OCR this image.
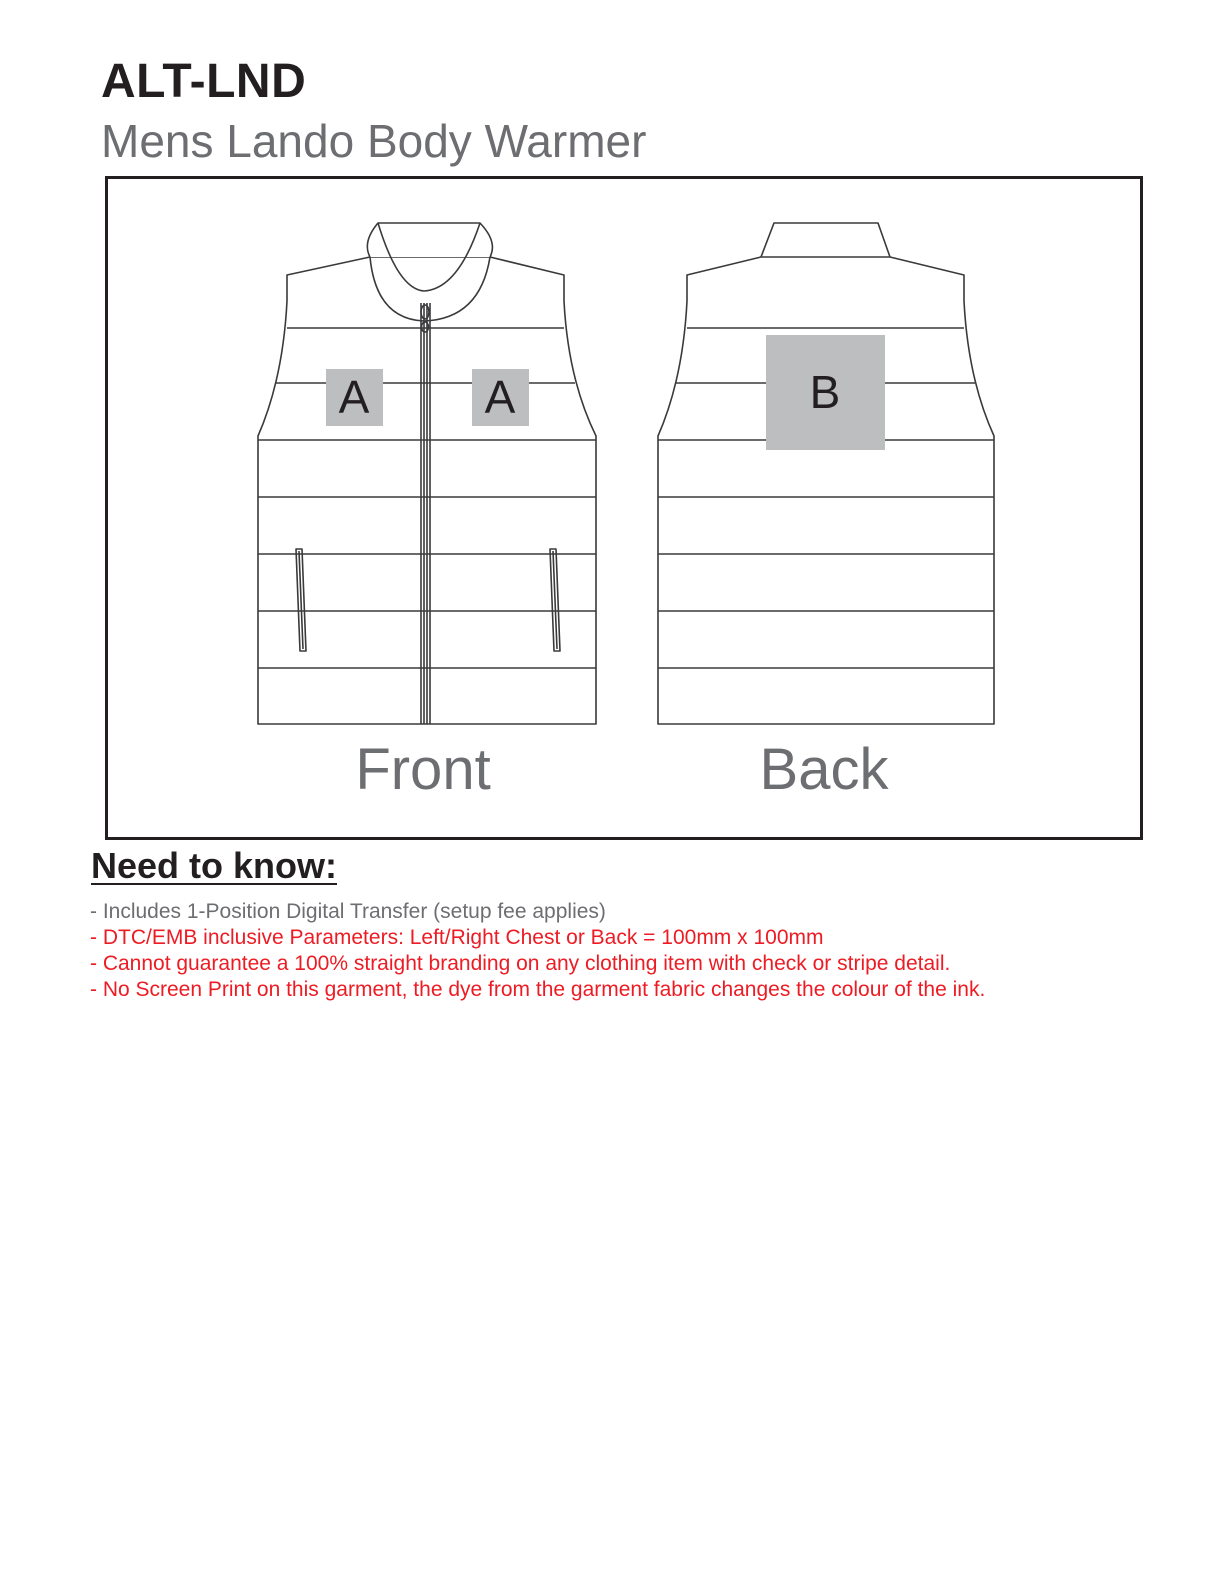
ALT-LND
Mens Lando Body Warmer
A	A	B
Front	Back
Need to know:
- Includes 1-Position Digital Transfer (setup fee applies)
- DTC/EMB inclusive Parameters: Left/Right Chest or Back = 100mm x 100mm
- Cannot guarantee a 100% straight branding on any clothing item with check or stripe detail.
- No Screen Print on this garment, the dye from the garment fabric changes the colour of the ink.
